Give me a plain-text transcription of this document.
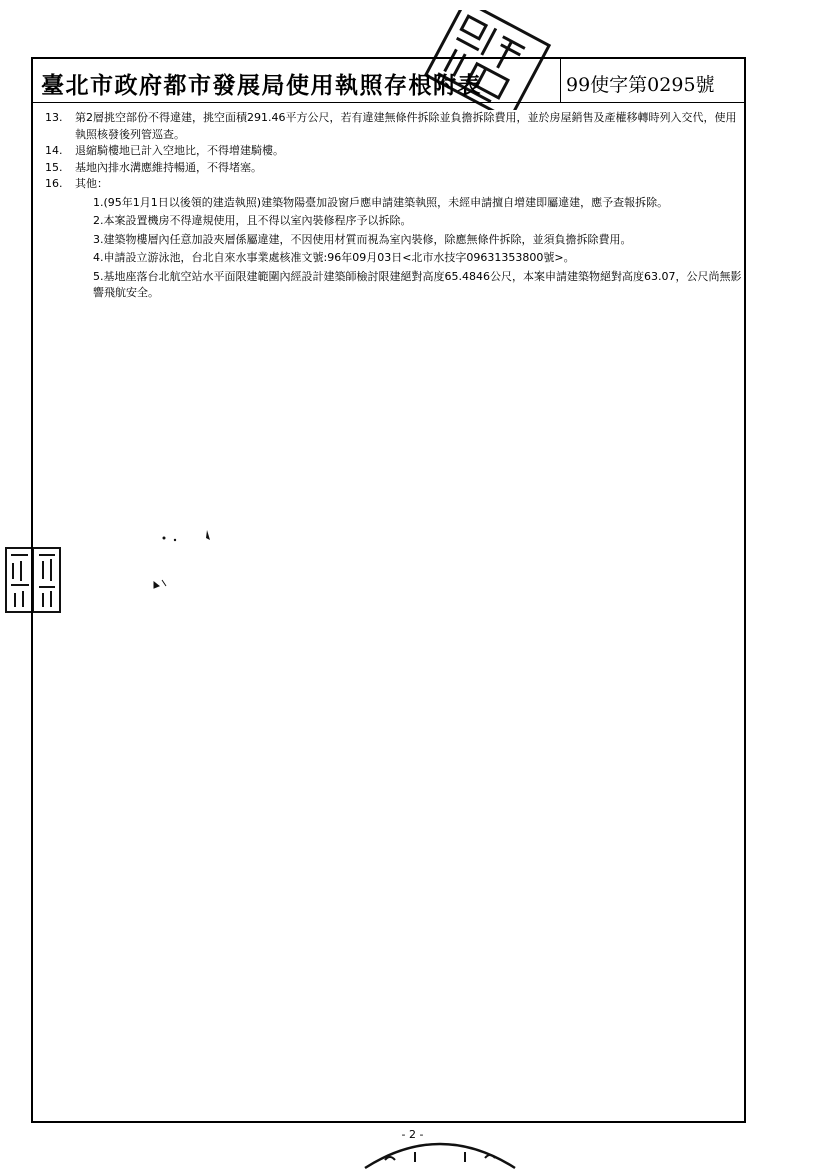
臺北市政府都市發展局使用執照存根附表	99使字第0295號
13. 第2層挑空部份不得違建，挑空面積291.46平方公尺，若有違建無條件拆除並負擔拆除費用，並於房屋銷售及產權移轉時列入交代，使用執照核發後列管巡查。
14. 退縮騎樓地已計入空地比，不得增建騎樓。
15. 基地內排水溝應維持暢通，不得堵塞。
16. 其他：
1.(95年1月1日以後領的建造執照)建築物陽臺加設窗戶應申請建築執照，未經申請擅自增建即屬違建，應予查報拆除。
2.本案設置機房不得違規使用，且不得以室內裝修程序予以拆除。
3.建築物樓層內任意加設夾層係屬違建，不因使用材質而視為室內裝修，除應無條件拆除，並須負擔拆除費用。
4.申請設立游泳池，台北自來水事業處核准文號:96年09月03日<北市水技字09631353800號>。
5.基地座落台北航空站水平面限建範圍內經設計建築師檢討限建絕對高度65.4846公尺，本案申請建築物絕對高度63.07，公尺尚無影響飛航安全。
- 2 -
